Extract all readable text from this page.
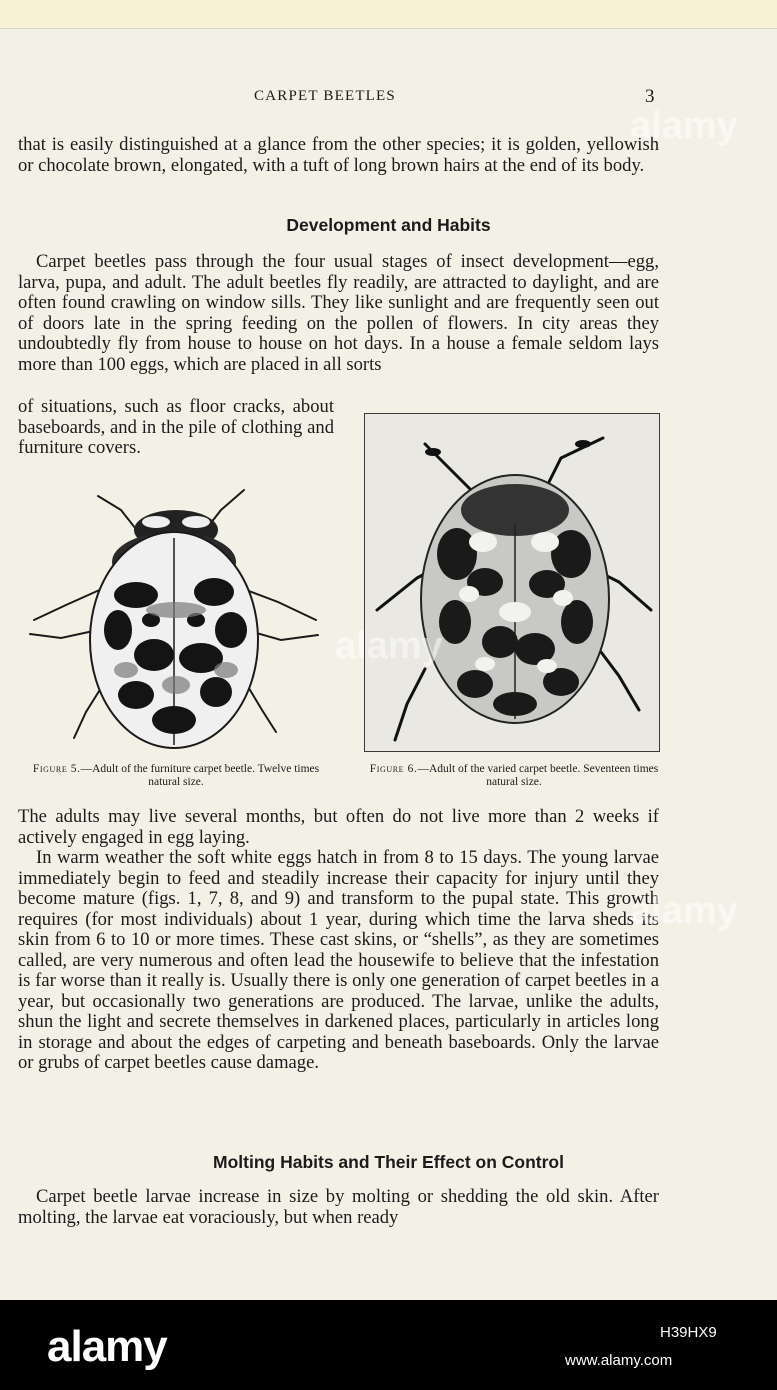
CARPET BEETLES	3

that is easily distinguished at a glance from the other species; it is golden, yellowish or chocolate brown, elongated, with a tuft of long brown hairs at the end of its body.

Development and Habits

Carpet beetles pass through the four usual stages of insect development—egg, larva, pupa, and adult. The adult beetles fly readily, are attracted to daylight, and are often found crawling on window sills. They like sunlight and are frequently seen out of doors late in the spring feeding on the pollen of flowers. In city areas they undoubtedly fly from house to house on hot days. In a house a female seldom lays more than 100 eggs, which are placed in all sorts

of situations, such as floor cracks, about baseboards, and in the pile of clothing and furniture covers.

Figure 5.—Adult of the furniture carpet beetle. Twelve times natural size.
Figure 6.—Adult of the varied carpet beetle. Seventeen times natural size.

The adults may live several months, but often do not live more than 2 weeks if actively engaged in egg laying.

In warm weather the soft white eggs hatch in from 8 to 15 days. The young larvae immediately begin to feed and steadily increase their capacity for injury until they become mature (figs. 1, 7, 8, and 9) and transform to the pupal state. This growth requires (for most individuals) about 1 year, during which time the larva sheds its skin from 6 to 10 or more times. These cast skins, or “shells”, as they are sometimes called, are very numerous and often lead the housewife to believe that the infestation is far worse than it really is. Usually there is only one generation of carpet beetles in a year, but occasionally two generations are produced. The larvae, unlike the adults, shun the light and secrete themselves in darkened places, particularly in articles long in storage and about the edges of carpeting and beneath baseboards. Only the larvae or grubs of carpet beetles cause damage.

Molting Habits and Their Effect on Control

Carpet beetle larvae increase in size by molting or shedding the old skin. After molting, the larvae eat voraciously, but when ready

alamy
alamy
alamy
alamy	H39HX9
www.alamy.com
